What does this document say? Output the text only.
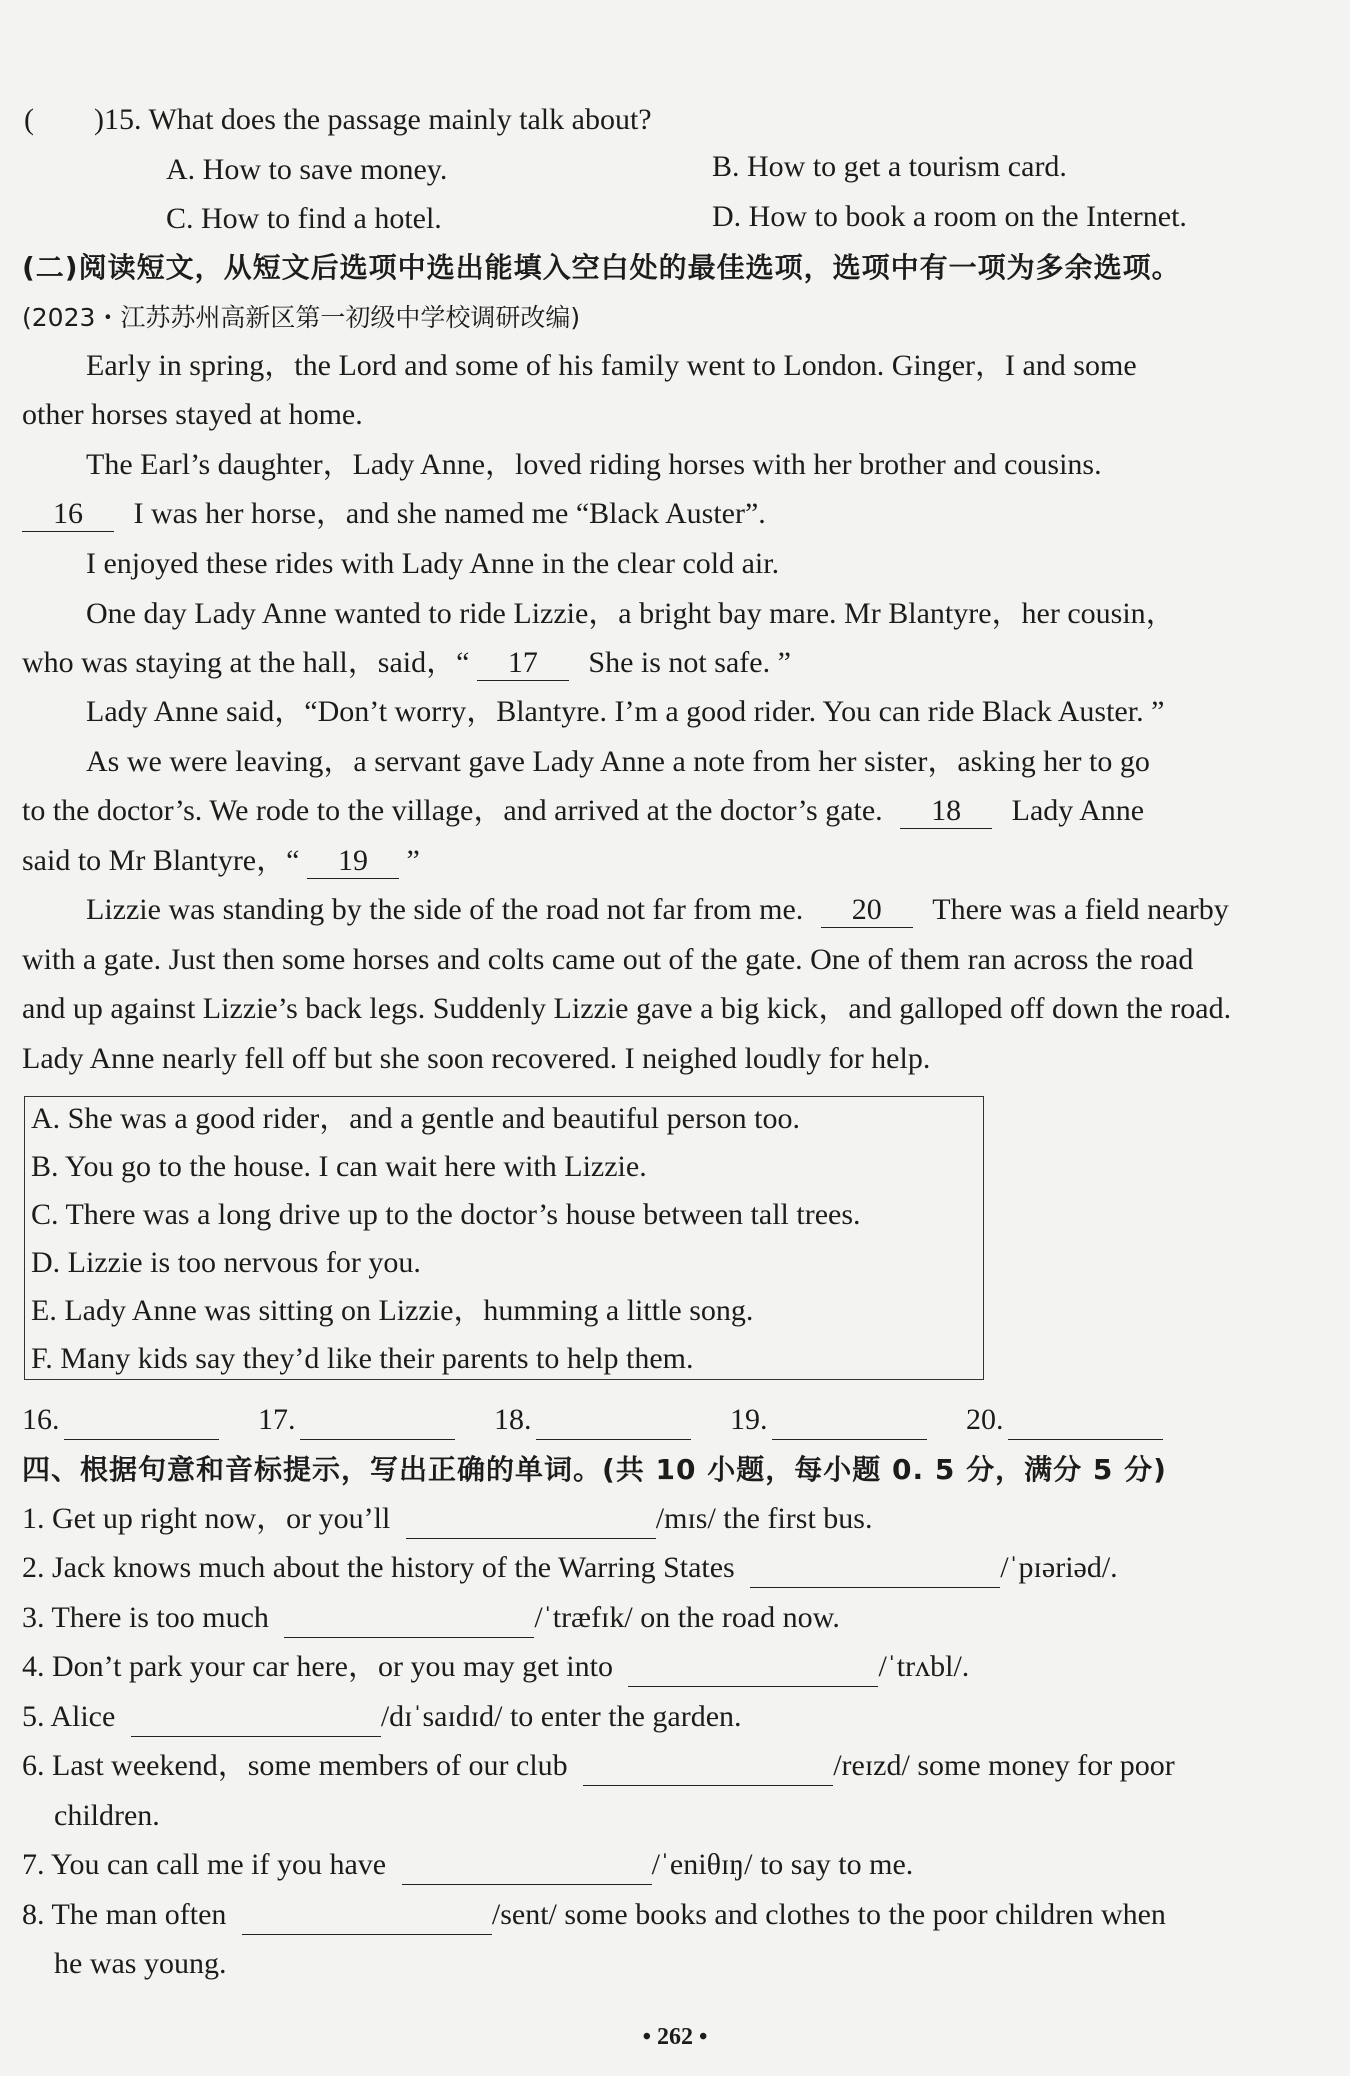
(　　)15. What does the passage mainly talk about?
A. How to save money.	B. How to get a tourism card.
C. How to find a hotel.	D. How to book a room on the Internet.
(二)阅读短文，从短文后选项中选出能填入空白处的最佳选项，选项中有一项为多余选项。
(2023・江苏苏州高新区第一初级中学校调研改编)
Early in spring，the Lord and some of his family went to London. Ginger，I and some
other horses stayed at home.
The Earl’s daughter，Lady Anne，loved riding horses with her brother and cousins.
16 I was her horse，and she named me “Black Auster”.
I enjoyed these rides with Lady Anne in the clear cold air.
One day Lady Anne wanted to ride Lizzie，a bright bay mare. Mr Blantyre，her cousin，
who was staying at the hall，said，“ 17 She is not safe. ”
Lady Anne said，“Don’t worry，Blantyre. I’m a good rider. You can ride Black Auster. ”
As we were leaving，a servant gave Lady Anne a note from her sister，asking her to go
to the doctor’s. We rode to the village，and arrived at the doctor’s gate. 18 Lady Anne
said to Mr Blantyre，“ 19 ”
Lizzie was standing by the side of the road not far from me. 20 There was a field nearby
with a gate. Just then some horses and colts came out of the gate. One of them ran across the road
and up against Lizzie’s back legs. Suddenly Lizzie gave a big kick，and galloped off down the road.
Lady Anne nearly fell off but she soon recovered. I neighed loudly for help.
A. She was a good rider，and a gentle and beautiful person too.
B. You go to the house. I can wait here with Lizzie.
C. There was a long drive up to the doctor’s house between tall trees.
D. Lizzie is too nervous for you.
E. Lady Anne was sitting on Lizzie，humming a little song.
F. Many kids say they’d like their parents to help them.
16.	17.	18.	19.	20.
四、根据句意和音标提示，写出正确的单词。(共 10 小题，每小题 0. 5 分，满分 5 分)
1. Get up right now，or you’ll	/mɪs/ the first bus.
2. Jack knows much about the history of the Warring States	/ˈpɪəriəd/.
3. There is too much	/ˈtræfɪk/ on the road now.
4. Don’t park your car here，or you may get into	/ˈtrʌbl/.
5. Alice	/dɪˈsaɪdɪd/ to enter the garden.
6. Last weekend，some members of our club	/reɪzd/ some money for poor
children.
7. You can call me if you have	/ˈeniθɪŋ/ to say to me.
8. The man often	/sent/ some books and clothes to the poor children when
he was young.
• 262 •
